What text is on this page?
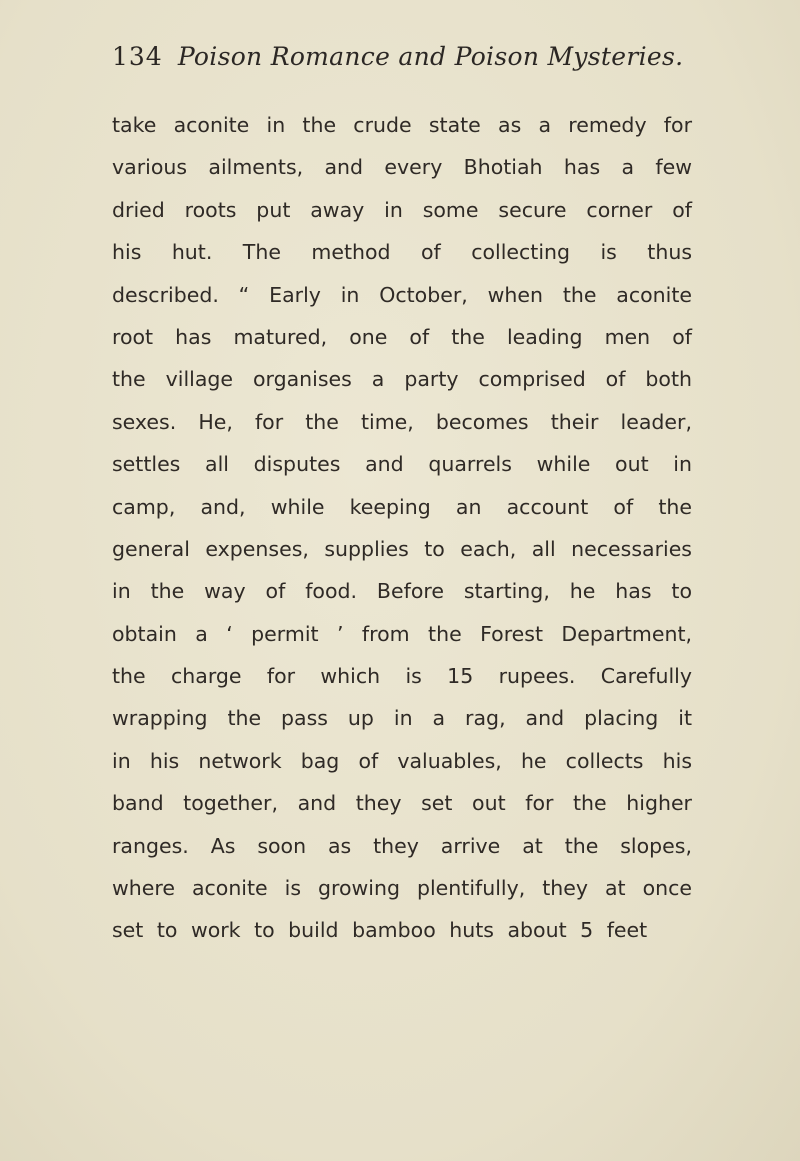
134 Poison Romance and Poison Mysteries.
take aconite in the crude state as a remedy for
various ailments, and every Bhotiah has a few
dried roots put away in some secure corner of
his hut. The method of collecting is thus
described. “ Early in October, when the aconite
root has matured, one of the leading men of
the village organises a party comprised of both
sexes. He, for the time, becomes their leader,
settles all disputes and quarrels while out in
camp, and, while keeping an account of the
general expenses, supplies to each, all necessaries
in the way of food. Before starting, he has to
obtain a ‘ permit ’ from the Forest Department,
the charge for which is 15 rupees. Carefully
wrapping the pass up in a rag, and placing it
in his network bag of valuables, he collects his
band together, and they set out for the higher
ranges. As soon as they arrive at the slopes,
where aconite is growing plentifully, they at once
set to work to build bamboo huts about 5 feet
